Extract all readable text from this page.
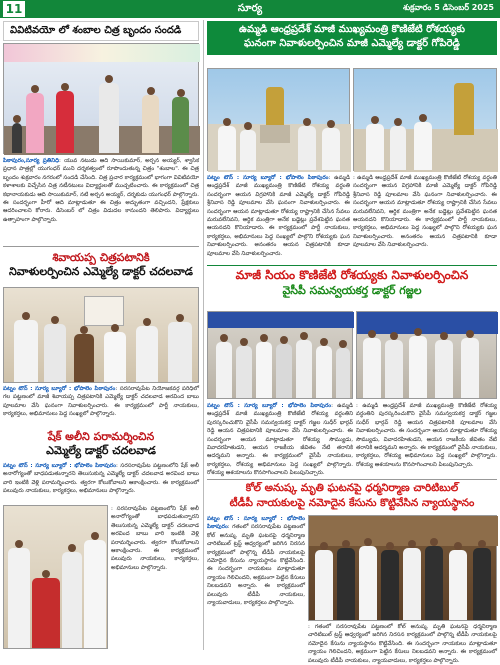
11	సూర్య	శుక్రవారం 5 డిసెంబర్ 2025
వివిటివయో లో శంబాల చిత్ర బృందం సందడి
పిఠాపురం,సూర్య ప్రతినిధి: యువ నటుడు ఆది సాయికుమార్, అర్చన అయ్యర్, శ్వాసిక ప్రధాన పాత్రల్లో యుగంధర్ ముని దర్శకత్వంలో రూపొందుతున్న చిత్రం "శంబాల". ఈ చిత్ర బృందం శుక్రవారం నగరంలో సందడి చేసింది. చిత్ర ప్రచార కార్యక్రమంలో భాగంగా వివిటివయో కళాశాలకు విచ్చేసిన చిత్ర నటీనటులు విద్యార్థులతో ముచ్చటించారు. ఈ కార్యక్రమంలో చిత్ర కథానాయకుడు ఆది సాయికుమార్, నటి అర్చన అయ్యర్, దర్శకుడు యుగంధర్ పాల్గొన్నారు. ఈ సందర్భంగా హీరో ఆది మాట్లాడుతూ ఈ చిత్రం అద్భుతంగా వచ్చిందని, ప్రేక్షకులు ఆదరించాలని కోరారు. డిసెంబర్ లో చిత్రం విడుదల కానుందని తెలిపారు. విద్యార్థులు ఉత్సాహంగా పాల్గొన్నారు.
శివాయప్ప చిత్రపటానికి
నివాళులర్పించిన ఎమ్మెల్యే డాక్టర్ చదలవాడ
పట్నం టౌన్ : సూర్య బ్యూరో : భోపాలెం పిఠాపురం: సరసరావుపేట నియోజకవర్గ పరిధిలో గల పట్టణంలో మాజీ శివాయప్ప చిత్రపటానికి ఎమ్మెల్యే డాక్టర్ చదలవాడ అరవింద బాబు పూలమాల వేసి ఘనంగా నివాళులర్పించారు. ఈ కార్యక్రమంలో పార్టీ నాయకులు, కార్యకర్తలు, అభిమానులు పెద్ద సంఖ్యలో పాల్గొన్నారు.
షేక్ అలీని పరామర్శించిన
ఎమ్మెల్యే డాక్టర్ చదలవాడ
పట్నం టౌన్ : సూర్య బ్యూరో : భోపాలెం పిఠాపురం: సరసరావుపేట పట్టణంలోని షేక్ అలీ అనారోగ్యంతో బాధపడుతున్నారని తెలుసుకున్న ఎమ్మెల్యే డాక్టర్ చదలవాడ అరవింద బాబు వారి ఇంటికి వెళ్లి పరామర్శించారు. త్వరగా కోలుకోవాలని ఆకాంక్షించారు. ఈ కార్యక్రమంలో పలువురు నాయకులు, కార్యకర్తలు, అభిమానులు పాల్గొన్నారు.
: సరసరావుపేట పట్టణంలోని షేక్ అలీ అనారోగ్యంతో బాధపడుతున్నారని తెలుసుకున్న ఎమ్మెల్యే డాక్టర్ చదలవాడ అరవింద బాబు వారి ఇంటికి వెళ్లి పరామర్శించారు. త్వరగా కోలుకోవాలని ఆకాంక్షించారు. ఈ కార్యక్రమంలో పలువురు నాయకులు, కార్యకర్తలు, అభిమానులు పాల్గొన్నారు.
ఉమ్మడి ఆంధ్రప్రదేశ్ మాజీ ముఖ్యమంత్రి కొణిజేటి రోశయ్యకు
ఘనంగా నివాళులర్పించిన మాజీ ఎమ్మెల్యే డాక్టర్ గోపిరెడ్డి
పట్నం టౌన్ : సూర్య బ్యూరో : భోపాలెం పిఠాపురం: ఉమ్మడి ఆంధ్రప్రదేశ్ మాజీ ముఖ్యమంత్రి కొణిజేటి రోశయ్య వర్ధంతి సందర్భంగా ఆయన విగ్రహానికి మాజీ ఎమ్మెల్యే డాక్టర్ గోపిరెడ్డి శ్రీనివాస రెడ్డి పూలమాల వేసి ఘనంగా నివాళులర్పించారు. ఈ సందర్భంగా ఆయన మాట్లాడుతూ రోశయ్య రాష్ట్రానికి చేసిన సేవలు మరువలేనివని, ఆర్థిక మంత్రిగా అనేక బడ్జెట్లు ప్రవేశపెట్టిన ఘనత ఆయనదని కొనియాడారు. ఈ కార్యక్రమంలో పార్టీ నాయకులు, కార్యకర్తలు, అభిమానులు పెద్ద సంఖ్యలో పాల్గొని రోశయ్యకు ఘన నివాళులర్పించారు. అనంతరం ఆయన చిత్రపటానికి కూడా పూలమాల వేసి నివాళులర్పించారు.
: ఉమ్మడి ఆంధ్రప్రదేశ్ మాజీ ముఖ్యమంత్రి కొణిజేటి రోశయ్య వర్ధంతి సందర్భంగా ఆయన విగ్రహానికి మాజీ ఎమ్మెల్యే డాక్టర్ గోపిరెడ్డి శ్రీనివాస రెడ్డి పూలమాల వేసి ఘనంగా నివాళులర్పించారు. ఈ సందర్భంగా ఆయన మాట్లాడుతూ రోశయ్య రాష్ట్రానికి చేసిన సేవలు మరువలేనివని, ఆర్థిక మంత్రిగా అనేక బడ్జెట్లు ప్రవేశపెట్టిన ఘనత ఆయనదని కొనియాడారు. ఈ కార్యక్రమంలో పార్టీ నాయకులు, కార్యకర్తలు, అభిమానులు పెద్ద సంఖ్యలో పాల్గొని రోశయ్యకు ఘన నివాళులర్పించారు. అనంతరం ఆయన చిత్రపటానికి కూడా పూలమాల వేసి నివాళులర్పించారు.
మాజీ సియం కొణిజేటి రోశయ్యకు నివాళులర్పించిన
వైసీపీ సమన్వయకర్త డాక్టర్ గజ్జల
పట్నం టౌన్ : సూర్య బ్యూరో : భోపాలెం పిఠాపురం: ఉమ్మడి ఆంధ్రప్రదేశ్ మాజీ ముఖ్యమంత్రి కొణిజేటి రోశయ్య వర్ధంతిని పురస్కరించుకొని వైసీపీ సమన్వయకర్త డాక్టర్ గజ్జల సుధీర్ భార్గవ్ రెడ్డి ఆయన చిత్రపటానికి పూలమాల వేసి నివాళులర్పించారు. ఈ సందర్భంగా ఆయన మాట్లాడుతూ రోశయ్య సౌమ్యుడు, వివాదరహితుడని, ఆయన రాజకీయ జీవితం నేటి తరానికి ఆదర్శమని అన్నారు. ఈ కార్యక్రమంలో వైసీపీ నాయకులు, కార్యకర్తలు, రోశయ్య అభిమానులు పెద్ద సంఖ్యలో పాల్గొన్నారు. రోశయ్య ఆశయాలను కొనసాగించాలని పిలుపునిచ్చారు.
: ఉమ్మడి ఆంధ్రప్రదేశ్ మాజీ ముఖ్యమంత్రి కొణిజేటి రోశయ్య వర్ధంతిని పురస్కరించుకొని వైసీపీ సమన్వయకర్త డాక్టర్ గజ్జల సుధీర్ భార్గవ్ రెడ్డి ఆయన చిత్రపటానికి పూలమాల వేసి నివాళులర్పించారు. ఈ సందర్భంగా ఆయన మాట్లాడుతూ రోశయ్య సౌమ్యుడు, వివాదరహితుడని, ఆయన రాజకీయ జీవితం నేటి తరానికి ఆదర్శమని అన్నారు. ఈ కార్యక్రమంలో వైసీపీ నాయకులు, కార్యకర్తలు, రోశయ్య అభిమానులు పెద్ద సంఖ్యలో పాల్గొన్నారు. రోశయ్య ఆశయాలను కొనసాగించాలని పిలుపునిచ్చారు.
కోల్ అనుష్క మృతి ఘటనపై ధర్మనిర్మాణ చారిటిబుల్
టీడీపీ నాయకులపై నమోదైన కేసును కొట్టివేసిన న్యాయస్థానం
పట్నం టౌన్ : సూర్య బ్యూరో : భోపాలెం పిఠాపురం: గతంలో సరసరావుపేట పట్టణంలో కోల్ అనుష్క మృతి ఘటనపై ధర్మనిర్మాణ చారిటిబుల్ ట్రస్ట్ ఆధ్వర్యంలో జరిగిన నిరసన కార్యక్రమంలో పాల్గొన్న టీడీపీ నాయకులపై నమోదైన కేసును న్యాయస్థానం కొట్టివేసింది. ఈ సందర్భంగా నాయకులు మాట్లాడుతూ న్యాయం గెలిచిందని, అక్రమంగా పెట్టిన కేసులు నిలబడవని అన్నారు. ఈ కార్యక్రమంలో పలువురు టీడీపీ నాయకులు, న్యాయవాదులు, కార్యకర్తలు పాల్గొన్నారు.
: గతంలో సరసరావుపేట పట్టణంలో కోల్ అనుష్క మృతి ఘటనపై ధర్మనిర్మాణ చారిటిబుల్ ట్రస్ట్ ఆధ్వర్యంలో జరిగిన నిరసన కార్యక్రమంలో పాల్గొన్న టీడీపీ నాయకులపై నమోదైన కేసును న్యాయస్థానం కొట్టివేసింది. ఈ సందర్భంగా నాయకులు మాట్లాడుతూ న్యాయం గెలిచిందని, అక్రమంగా పెట్టిన కేసులు నిలబడవని అన్నారు. ఈ కార్యక్రమంలో పలువురు టీడీపీ నాయకులు, న్యాయవాదులు, కార్యకర్తలు పాల్గొన్నారు.
